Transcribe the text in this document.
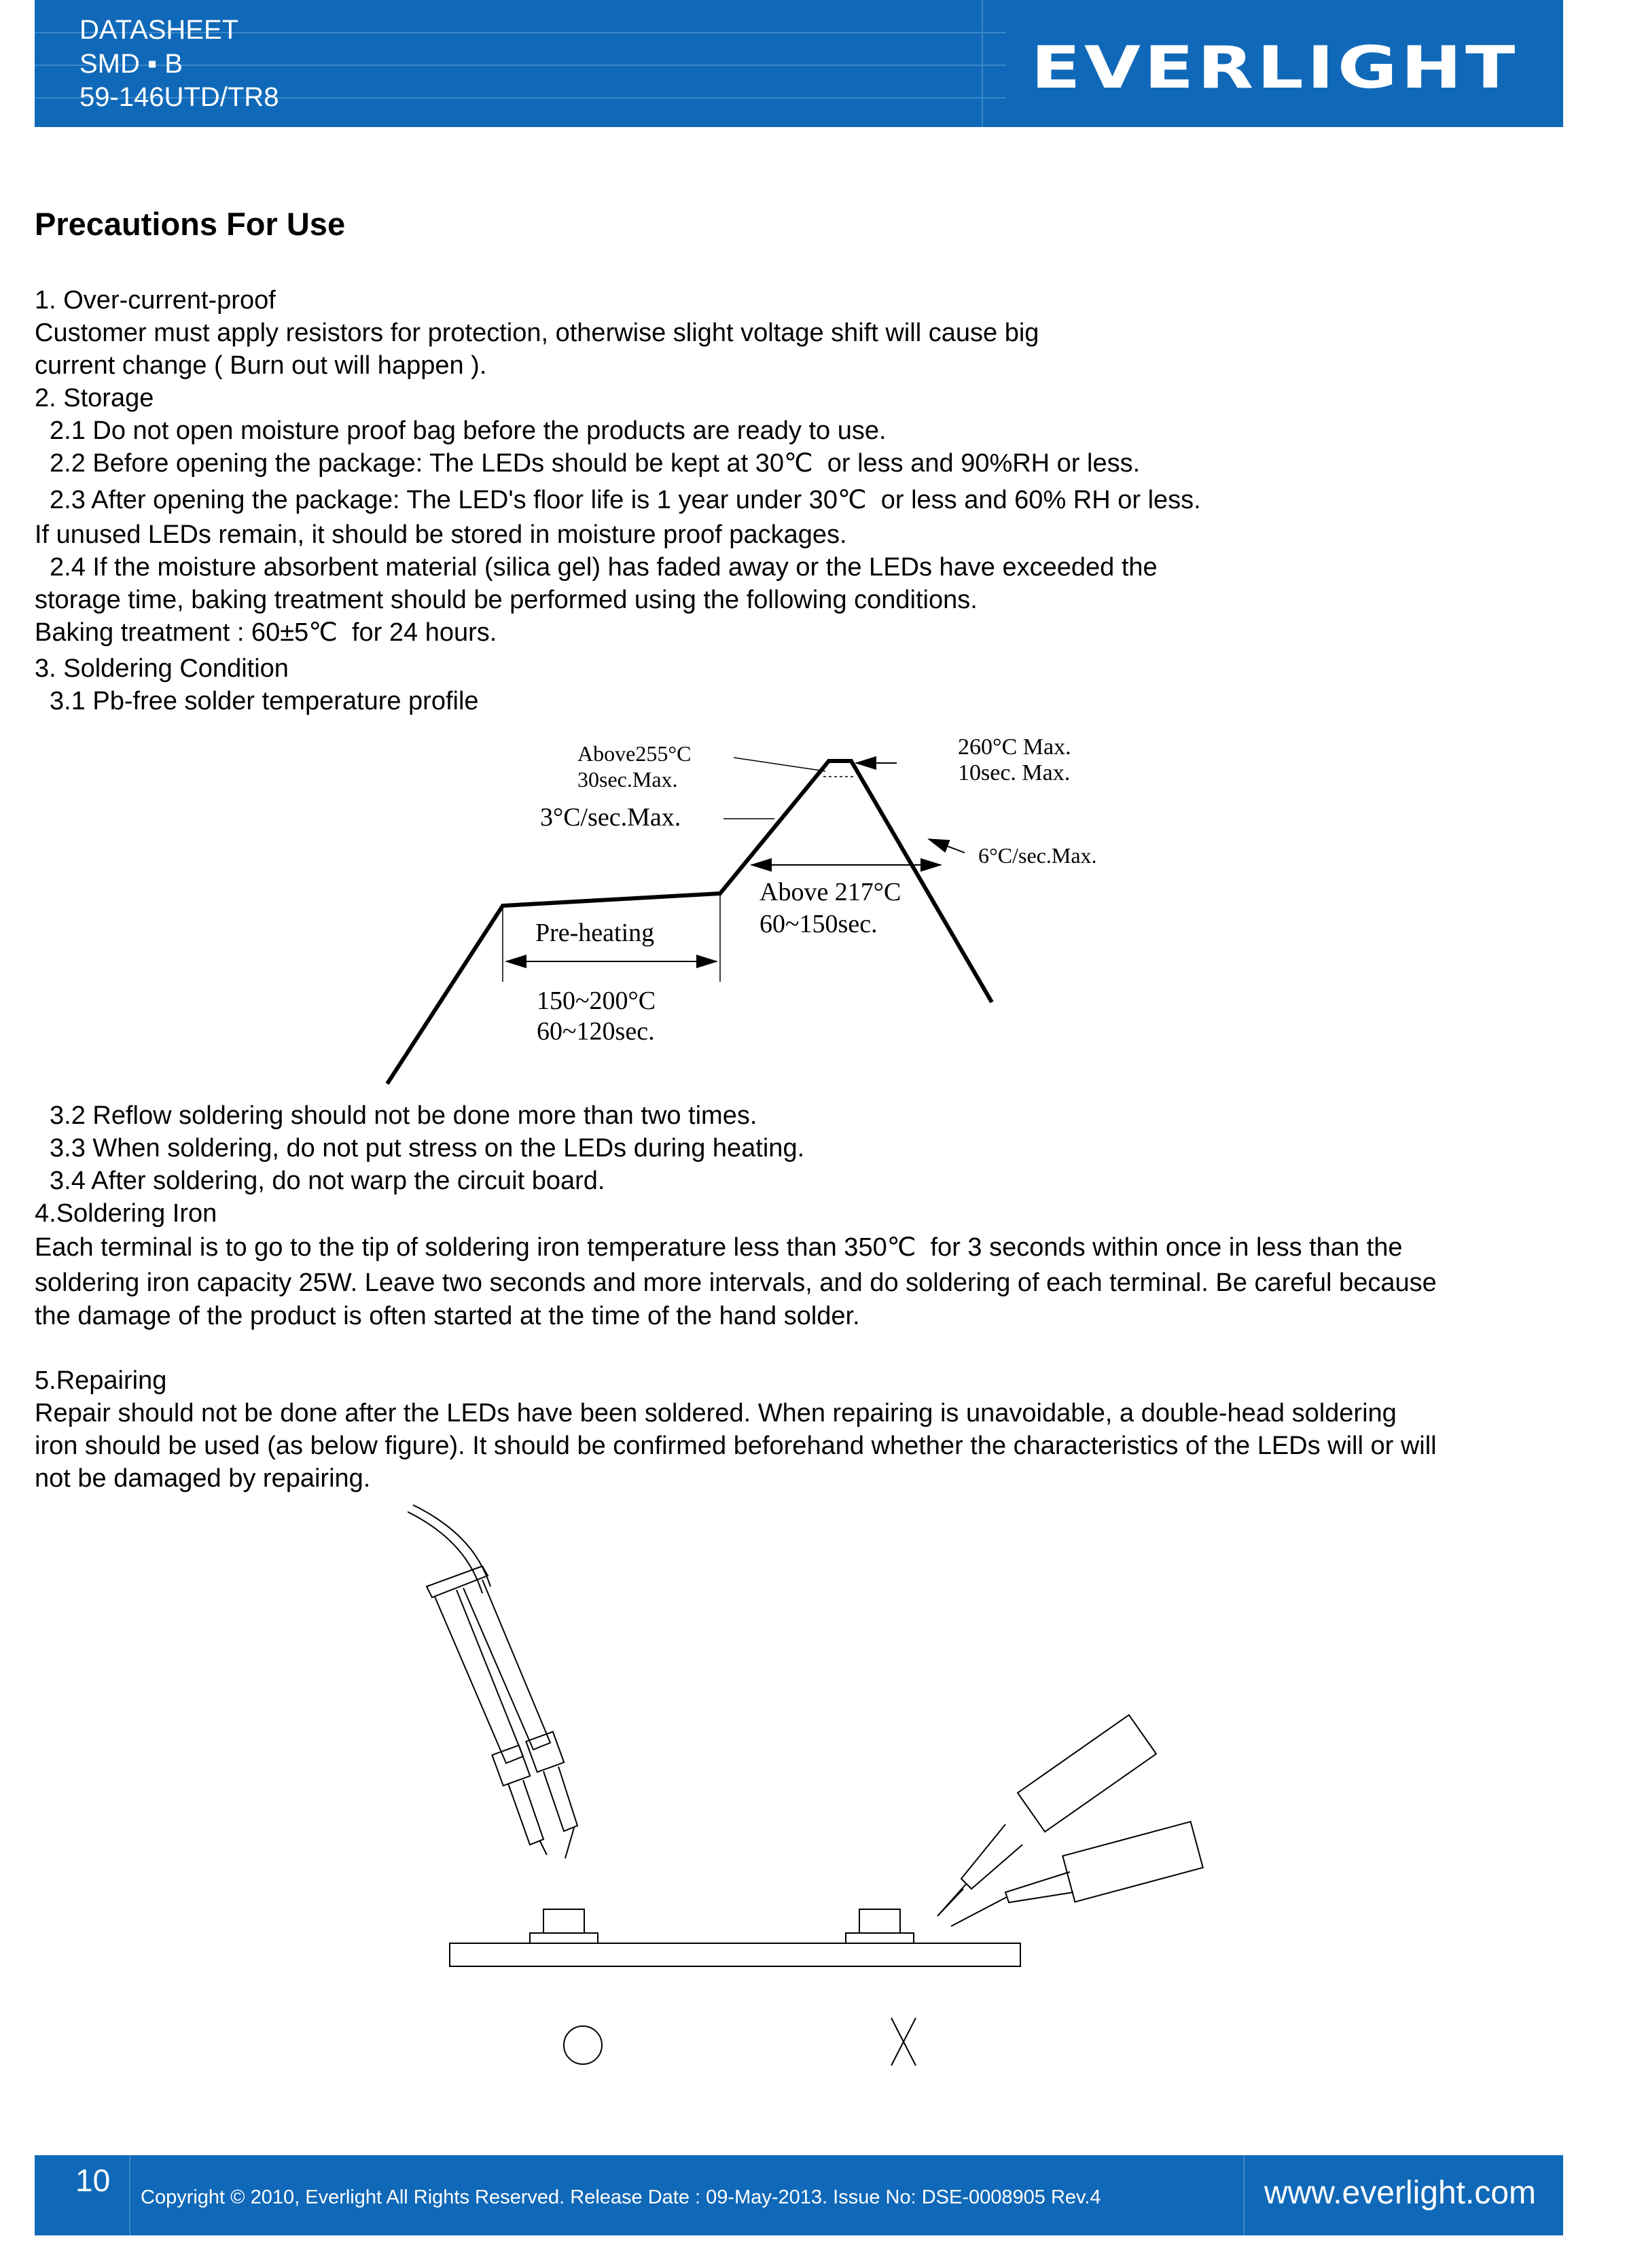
DATASHEET
SMD ▪ B
59-146UTD/TR8	EVERLIGHT
Precautions For Use
1. Over-current-proof
Customer must apply resistors for protection, otherwise slight voltage shift will cause big
current change ( Burn out will happen ).
2. Storage
2.1 Do not open moisture proof bag before the products are ready to use.
2.2 Before opening the package: The LEDs should be kept at 30℃  or less and 90%RH or less.
2.3 After opening the package: The LED's floor life is 1 year under 30℃  or less and 60% RH or less.
If unused LEDs remain, it should be stored in moisture proof packages.
2.4 If the moisture absorbent material (silica gel) has faded away or the LEDs have exceeded the
storage time, baking treatment should be performed using the following conditions.
Baking treatment : 60±5℃  for 24 hours.
3. Soldering Condition
3.1 Pb-free solder temperature profile
Above255°C
30sec.Max.
260°C Max.
10sec. Max.
3°C/sec.Max.
6°C/sec.Max.
Above 217°C
60~150sec.
Pre-heating
150~200°C
60~120sec.
3.2 Reflow soldering should not be done more than two times.
3.3 When soldering, do not put stress on the LEDs during heating.
3.4 After soldering, do not warp the circuit board.
4.Soldering Iron
Each terminal is to go to the tip of soldering iron temperature less than 350℃  for 3 seconds within once in less than the
soldering iron capacity 25W. Leave two seconds and more intervals, and do soldering of each terminal. Be careful because
the damage of the product is often started at the time of the hand solder.
5.Repairing
Repair should not be done after the LEDs have been soldered. When repairing is unavoidable, a double-head soldering
iron should be used (as below figure). It should be confirmed beforehand whether the characteristics of the LEDs will or will
not be damaged by repairing.
○	X
10 Copyright © 2010, Everlight All Rights Reserved. Release Date : 09-May-2013. Issue No: DSE-0008905 Rev.4	www.everlight.com
